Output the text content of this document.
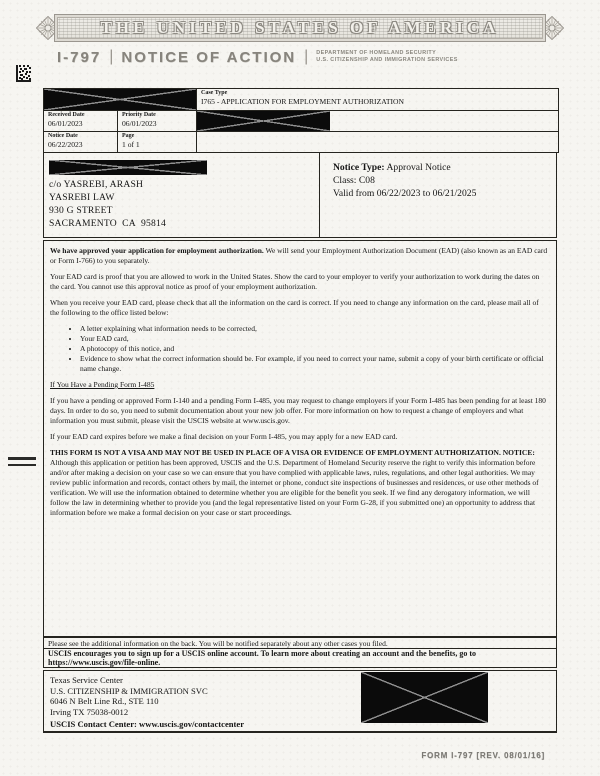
THE UNITED STATES OF AMERICA
I-797 | NOTICE OF ACTION | DEPARTMENT OF HOMELAND SECURITY
U.S. CITIZENSHIP AND IMMIGRATION SERVICES
Case Type
I765 - APPLICATION FOR EMPLOYMENT AUTHORIZATION
Received Date
06/01/2023
Priority Date
06/01/2023
Notice Date
06/22/2023
Page
1 of 1
c/o YASREBI, ARASH
YASREBI LAW
930 G STREET
SACRAMENTO  CA  95814
Notice Type: Approval Notice
Class: C08
Valid from 06/22/2023 to 06/21/2025

We have approved your application for employment authorization. We will send your Employment Authorization Document (EAD) (also known as an EAD card or Form I-766) to you separately.

Your EAD card is proof that you are allowed to work in the United States. Show the card to your employer to verify your authorization to work during the dates on the card. You cannot use this approval notice as proof of your employment authorization.

When you receive your EAD card, please check that all the information on the card is correct. If you need to change any information on the card, please mail all of the following to the office listed below:

• A letter explaining what information needs to be corrected,
• Your EAD card,
• A photocopy of this notice, and
• Evidence to show what the correct information should be. For example, if you need to correct your name, submit a copy of your birth certificate or official name change.
If You Have a Pending Form I-485

If you have a pending or approved Form I-140 and a pending Form I-485, you may request to change employers if your Form I-485 has been pending for at least 180 days. In order to do so, you need to submit documentation about your new job offer. For more information on how to request a change of employers and what information you must submit, please visit the USCIS website at www.uscis.gov.

If your EAD card expires before we make a final decision on your Form I-485, you may apply for a new EAD card.

THIS FORM IS NOT A VISA AND MAY NOT BE USED IN PLACE OF A VISA OR EVIDENCE OF EMPLOYMENT AUTHORIZATION. NOTICE: Although this application or petition has been approved, USCIS and the U.S. Department of Homeland Security reserve the right to verify this information before and/or after making a decision on your case so we can ensure that you have complied with applicable laws, rules, regulations, and other legal authorities. We may review public information and records, contact others by mail, the internet or phone, conduct site inspections of businesses and residences, or use other methods of verification. We will use the information obtained to determine whether you are eligible for the benefit you seek. If we find any derogatory information, we will follow the law in determining whether to provide you (and the legal representative listed on your Form G-28, if you submitted one) an opportunity to address that information before we make a formal decision on your case or start proceedings.

Please see the additional information on the back. You will be notified separately about any other cases you filed.
USCIS encourages you to sign up for a USCIS online account. To learn more about creating an account and the benefits, go to https://www.uscis.gov/file-online.
Texas Service Center
U.S. CITIZENSHIP & IMMIGRATION SVC
6046 N Belt Line Rd., STE 110
Irving TX 75038-0012
USCIS Contact Center: www.uscis.gov/contactcenter
FORM I-797 [REV. 08/01/16]
